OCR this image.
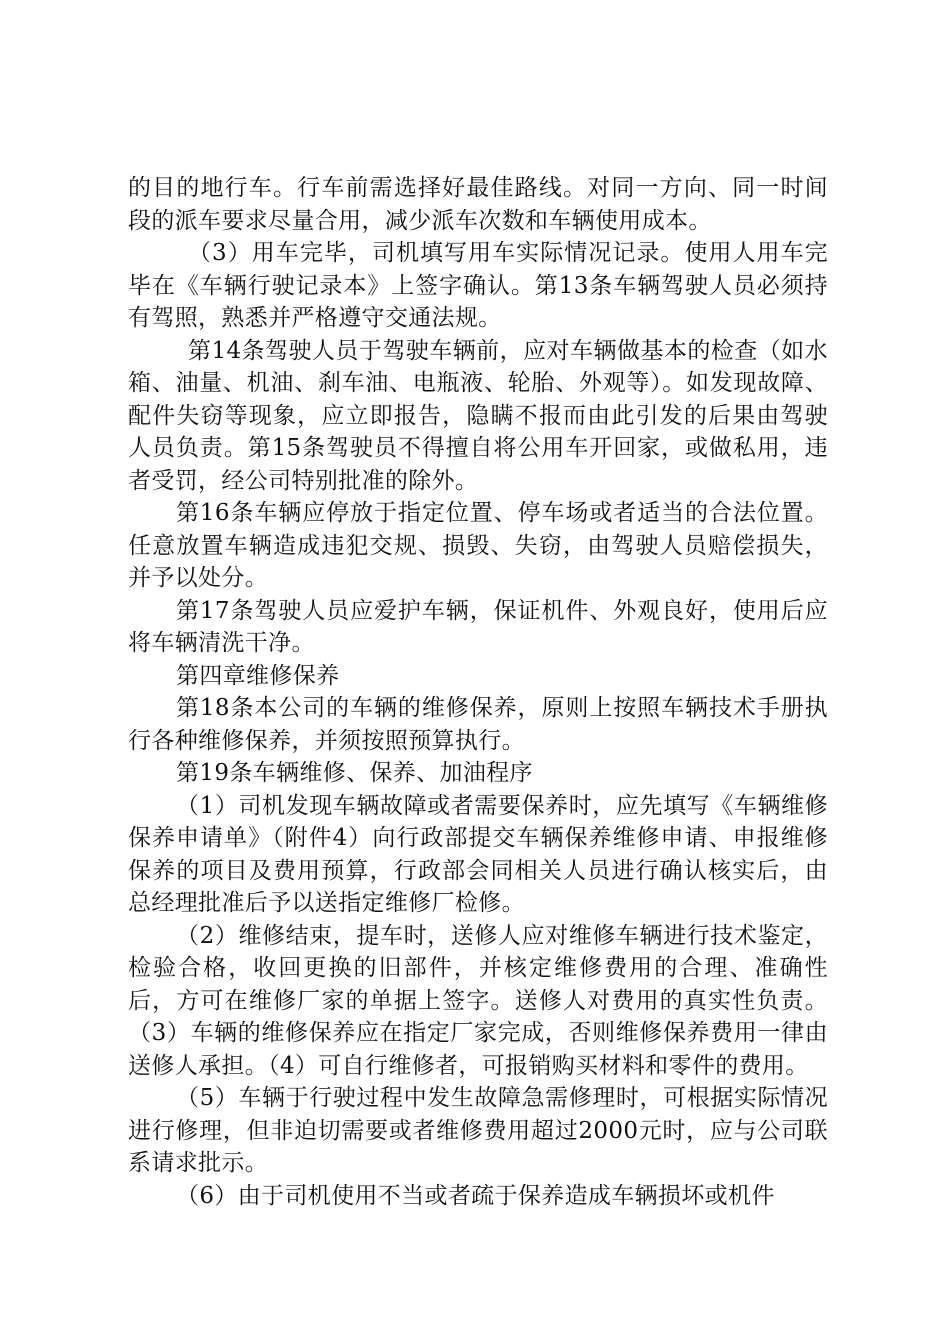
的目的地行车。行车前需选择好最佳路线。对同一方向、同一时间段的派车要求尽量合用，减少派车次数和车辆使用成本。

（3）用车完毕，司机填写用车实际情况记录。使用人用车完毕在《车辆行驶记录本》上签字确认。第13条车辆驾驶人员必须持有驾照，熟悉并严格遵守交通法规。

第14条驾驶人员于驾驶车辆前，应对车辆做基本的检查（如水箱、油量、机油、刹车油、电瓶液、轮胎、外观等）。如发现故障、配件失窃等现象，应立即报告，隐瞒不报而由此引发的后果由驾驶人员负责。第15条驾驶员不得擅自将公用车开回家，或做私用，违者受罚，经公司特别批准的除外。

第16条车辆应停放于指定位置、停车场或者适当的合法位置。任意放置车辆造成违犯交规、损毁、失窃，由驾驶人员赔偿损失，并予以处分。

第17条驾驶人员应爱护车辆，保证机件、外观良好，使用后应将车辆清洗干净。

第四章维修保养

第18条本公司的车辆的维修保养，原则上按照车辆技术手册执行各种维修保养，并须按照预算执行。

第19条车辆维修、保养、加油程序

（1）司机发现车辆故障或者需要保养时，应先填写《车辆维修保养申请单》（附件4）向行政部提交车辆保养维修申请、申报维修保养的项目及费用预算，行政部会同相关人员进行确认核实后，由总经理批准后予以送指定维修厂检修。

（2）维修结束，提车时，送修人应对维修车辆进行技术鉴定，检验合格，收回更换的旧部件，并核定维修费用的合理、准确性后，方可在维修厂家的单据上签字。送修人对费用的真实性负责。（3）车辆的维修保养应在指定厂家完成，否则维修保养费用一律由送修人承担。（4）可自行维修者，可报销购买材料和零件的费用。

（5）车辆于行驶过程中发生故障急需修理时，可根据实际情况进行修理，但非迫切需要或者维修费用超过2000元时，应与公司联系请求批示。

（6）由于司机使用不当或者疏于保养造成车辆损坏或机件
